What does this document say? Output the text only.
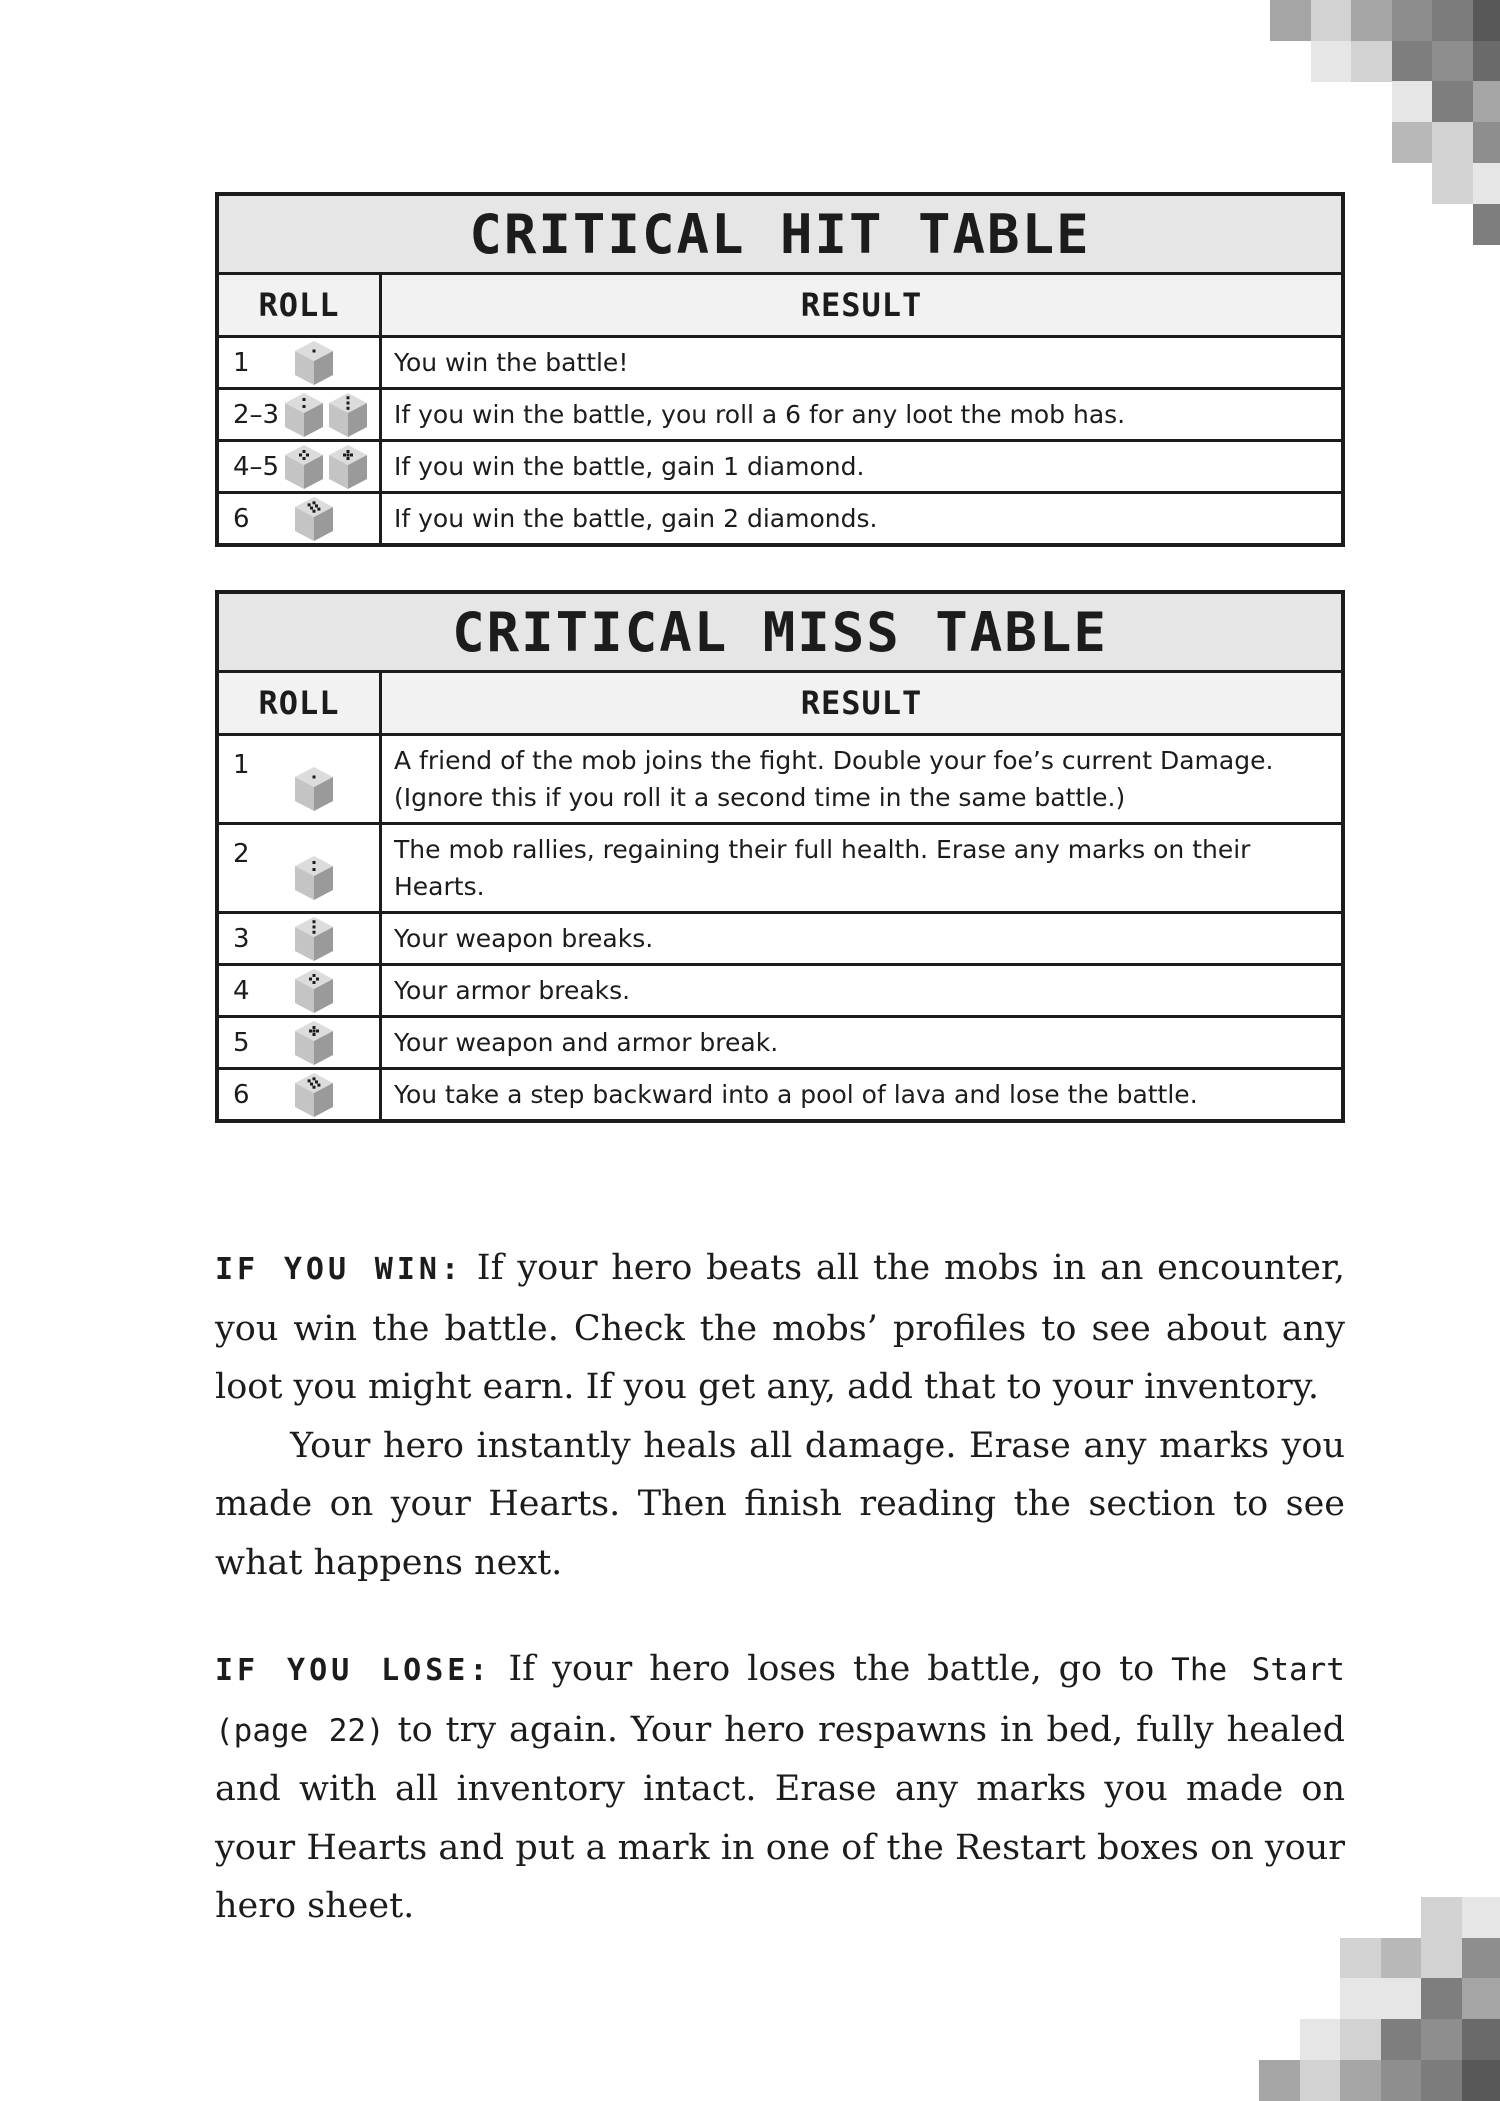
CRITICAL HIT TABLE	
ROLL	RESULT

1	You win the battle!

2–3	If you win the battle, you roll a 6 for any loot the mob has.

4–5	If you win the battle, gain 1 diamond.

6	If you win the battle, gain 2 diamonds.
CRITICAL MISS TABLE	
ROLL	RESULT

1	A friend of the mob joins the fight. Double your foe’s current Damage. (Ignore this if you roll it a second time in the same battle.)

2	The mob rallies, regaining their full health. Erase any marks on their Hearts.

3	Your weapon breaks.

4	Your armor breaks.

5	Your weapon and armor break.

6	You take a step backward into a pool of lava and lose the battle.

IF YOU WIN: If your hero beats all the mobs in an encounter, you win the battle. Check the mobs’ profiles to see about any loot you might earn. If you get any, add that to your inventory.

Your hero instantly heals all damage. Erase any marks you made on your Hearts. Then finish reading the section to see what happens next.

IF YOU LOSE: If your hero loses the battle, go to The Start (page 22) to try again. Your hero respawns in bed, fully healed and with all inventory intact. Erase any marks you made on your Hearts and put a mark in one of the Restart boxes on your hero sheet.
